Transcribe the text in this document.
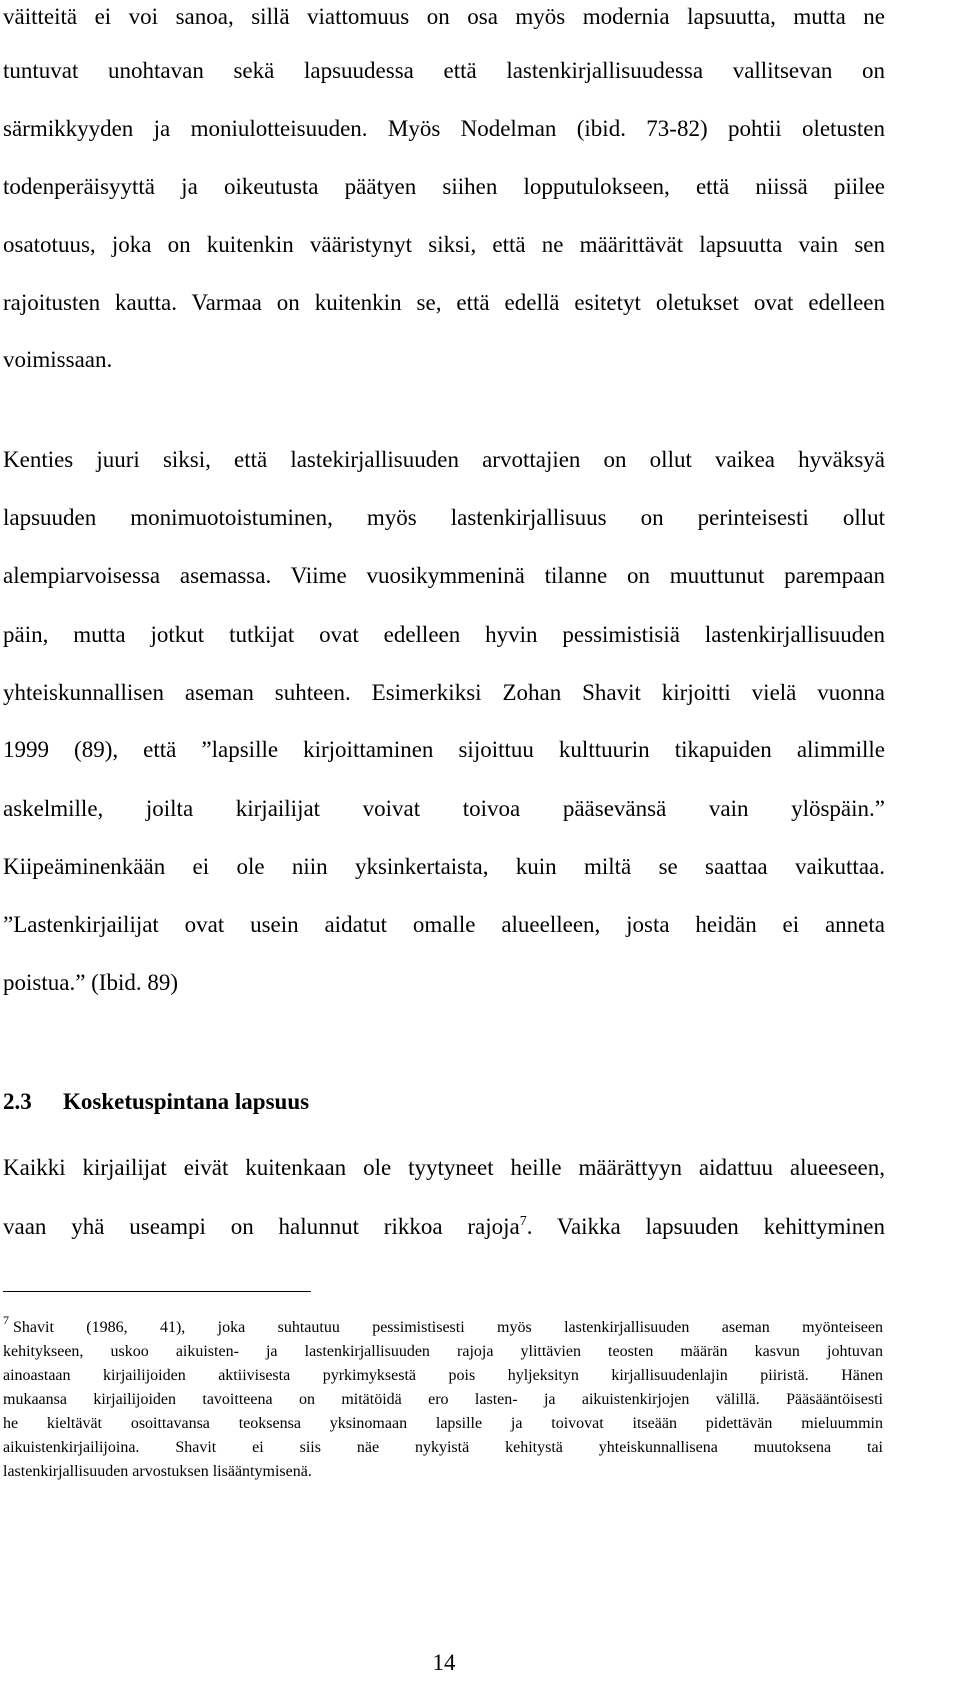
väitteitä ei voi sanoa, sillä viattomuus on osa myös modernia lapsuutta, mutta ne
tuntuvat unohtavan sekä lapsuudessa että lastenkirjallisuudessa vallitsevan on
särmikkyyden ja moniulotteisuuden. Myös Nodelman (ibid. 73-82) pohtii oletusten
todenperäisyyttä ja oikeutusta päätyen siihen lopputulokseen, että niissä piilee
osatotuus, joka on kuitenkin vääristynyt siksi, että ne määrittävät lapsuutta vain sen
rajoitusten kautta. Varmaa on kuitenkin se, että edellä esitetyt oletukset ovat edelleen
voimissaan.
Kenties juuri siksi, että lastekirjallisuuden arvottajien on ollut vaikea hyväksyä
lapsuuden monimuotoistuminen, myös lastenkirjallisuus on perinteisesti ollut
alempiarvoisessa asemassa. Viime vuosikymmeninä tilanne on muuttunut parempaan
päin, mutta jotkut tutkijat ovat edelleen hyvin pessimistisiä lastenkirjallisuuden
yhteiskunnallisen aseman suhteen. Esimerkiksi Zohan Shavit kirjoitti vielä vuonna
1999 (89), että ”lapsille kirjoittaminen sijoittuu kulttuurin tikapuiden alimmille
askelmille, joilta kirjailijat voivat toivoa pääsevänsä vain ylöspäin.”
Kiipeäminenkään ei ole niin yksinkertaista, kuin miltä se saattaa vaikuttaa.
”Lastenkirjailijat ovat usein aidatut omalle alueelleen, josta heidän ei anneta
poistua.” (Ibid. 89)
2.3 Kosketuspintana lapsuus
Kaikki kirjailijat eivät kuitenkaan ole tyytyneet heille määrättyyn aidattuu alueeseen,
vaan yhä useampi on halunnut rikkoa rajoja$^7$. Vaikka lapsuuden kehittyminen
$^7$ Shavit (1986, 41), joka suhtautuu pessimistisesti myös lastenkirjallisuuden aseman myönteiseen
kehitykseen, uskoo aikuisten- ja lastenkirjallisuuden rajoja ylittävien teosten määrän kasvun johtuvan
ainoastaan kirjailijoiden aktiivisesta pyrkimyksestä pois hyljeksityn kirjallisuudenlajin piiristä. Hänen
mukaansa kirjailijoiden tavoitteena on mitätöidä ero lasten- ja aikuistenkirjojen välillä. Pääsääntöisesti
he kieltävät osoittavansa teoksensa yksinomaan lapsille ja toivovat itseään pidettävän mieluummin
aikuistenkirjailijoina. Shavit ei siis näe nykyistä kehitystä yhteiskunnallisena muutoksena tai
lastenkirjallisuuden arvostuksen lisääntymisenä.
14
